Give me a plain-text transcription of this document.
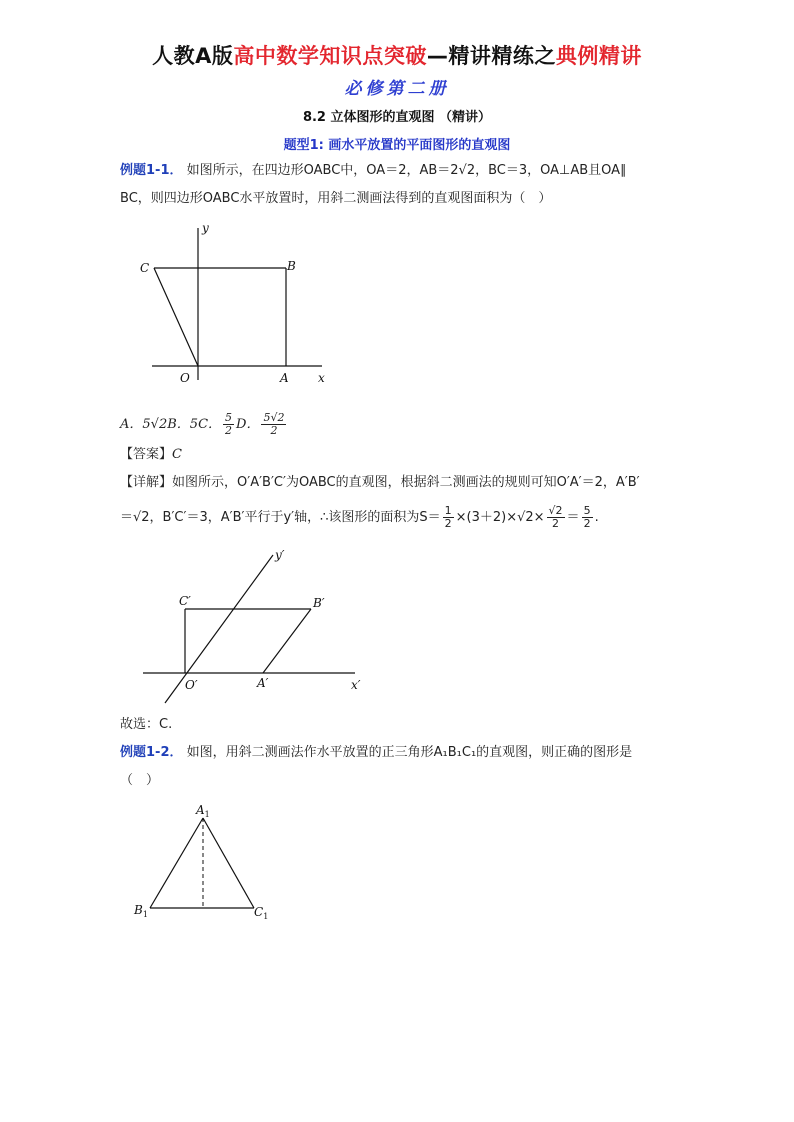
人教A版高中数学知识点突破—精讲精练之典例精讲
必修第二册
8.2 立体图形的直观图 （精讲）
题型1: 画水平放置的平面图形的直观图
例题1-1． 如图所示，在四边形OABC中，OA＝2，AB＝2√2，BC＝3，OA⊥AB且OA∥
BC，则四边形OABC水平放置时，用斜二测画法得到的直观图面积为（　）
y
x
O	A
B
C
A．5√2B．5C． $\frac{5}{2}$ D． $\frac{5√2}{2}$
【答案】C
【详解】如图所示，O′A′B′C′为OABC的直观图，根据斜二测画法的规则可知O′A′＝2，A′B′
＝√2，B′C′＝3，A′B′平行于y′轴，∴该图形的面积为$S= \frac{1}{2} \times(3+2)\times√2\times \frac{√2}{2} = \frac{5}{2}$ .
y′
x′
O′	A′
B′
C′
故选：C.
例题1-2． 如图，用斜二测画法作水平放置的正三角形A₁B₁C₁的直观图，则正确的图形是
（　）
$A_1$
$B_1$	$C_1$
